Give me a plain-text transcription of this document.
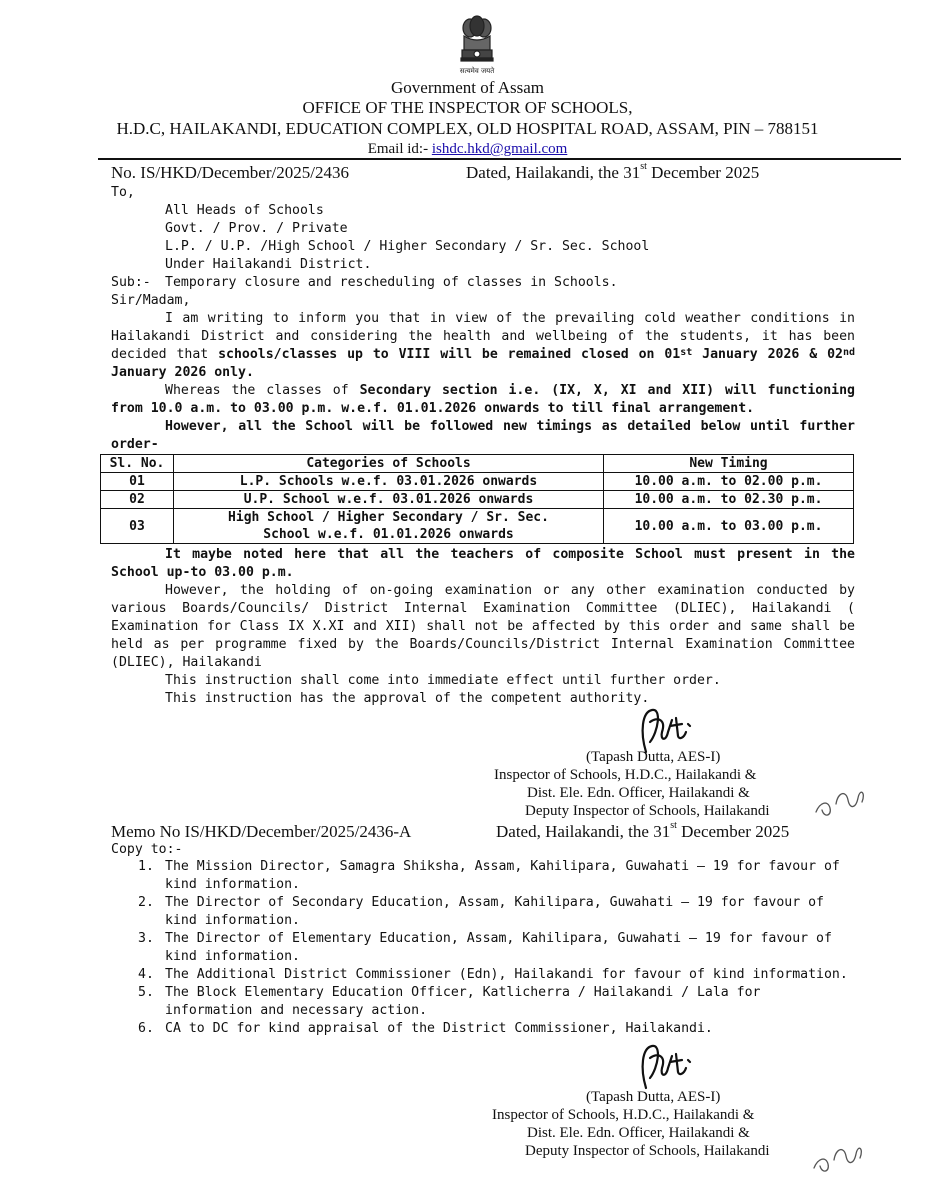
सत्यमेव जयते
Government of Assam
OFFICE OF THE INSPECTOR OF SCHOOLS,
H.D.C, HAILAKANDI, EDUCATION COMPLEX, OLD HOSPITAL ROAD, ASSAM, PIN – 788151
Email id:- ishdc.hkd@gmail.com
No. IS/HKD/December/2025/2436	Dated, Hailakandi, the 31st December 2025
To,
All Heads of Schools
Govt. / Prov. / Private
L.P. / U.P. /High School / Higher Secondary / Sr. Sec. School
Under Hailakandi District.
Sub:- Temporary closure and rescheduling of classes in Schools.
Sir/Madam,
I am writing to inform you that in view of the prevailing cold weather conditions in Hailakandi District and considering the health and wellbeing of the students, it has been decided that schools/classes up to VIII will be remained closed on 01st January 2026 & 02nd January 2026 only.
Whereas the classes of Secondary section i.e. (IX, X, XI and XII) will functioning from 10.0 a.m. to 03.00 p.m. w.e.f. 01.01.2026 onwards to till final arrangement.
However, all the School will be followed new timings as detailed below until further order-
Sl. No.	Categories of Schools	New Timing
01	L.P. Schools w.e.f. 03.01.2026 onwards	10.00 a.m. to 02.00 p.m.
02	U.P. School w.e.f. 03.01.2026 onwards	10.00 a.m. to 02.30 p.m.
03	High School / Higher Secondary / Sr. Sec. School w.e.f. 01.01.2026 onwards	10.00 a.m. to 03.00 p.m.
It maybe noted here that all the teachers of composite School must present in the School up-to 03.00 p.m.
However, the holding of on-going examination or any other examination conducted by various Boards/Councils/ District Internal Examination Committee (DLIEC), Hailakandi ( Examination for Class IX X.XI and XII) shall not be affected by this order and same shall be held as per programme fixed by the Boards/Councils/District Internal Examination Committee (DLIEC), Hailakandi
This instruction shall come into immediate effect until further order.
This instruction has the approval of the competent authority.
(Tapash Dutta, AES-I)
Inspector of Schools, H.D.C., Hailakandi &
Dist. Ele. Edn. Officer, Hailakandi &
Deputy Inspector of Schools, Hailakandi
Memo No IS/HKD/December/2025/2436-A	Dated, Hailakandi, the 31st December 2025
Copy to:-
1. The Mission Director, Samagra Shiksha, Assam, Kahilipara, Guwahati – 19 for favour of kind information.
2. The Director of Secondary Education, Assam, Kahilipara, Guwahati – 19 for favour of kind information.
3. The Director of Elementary Education, Assam, Kahilipara, Guwahati – 19 for favour of kind information.
4. The Additional District Commissioner (Edn), Hailakandi for favour of kind information.
5. The Block Elementary Education Officer, Katlicherra / Hailakandi / Lala for information and necessary action.
6. CA to DC for kind appraisal of the District Commissioner, Hailakandi.
(Tapash Dutta, AES-I)
Inspector of Schools, H.D.C., Hailakandi &
Dist. Ele. Edn. Officer, Hailakandi &
Deputy Inspector of Schools, Hailakandi
